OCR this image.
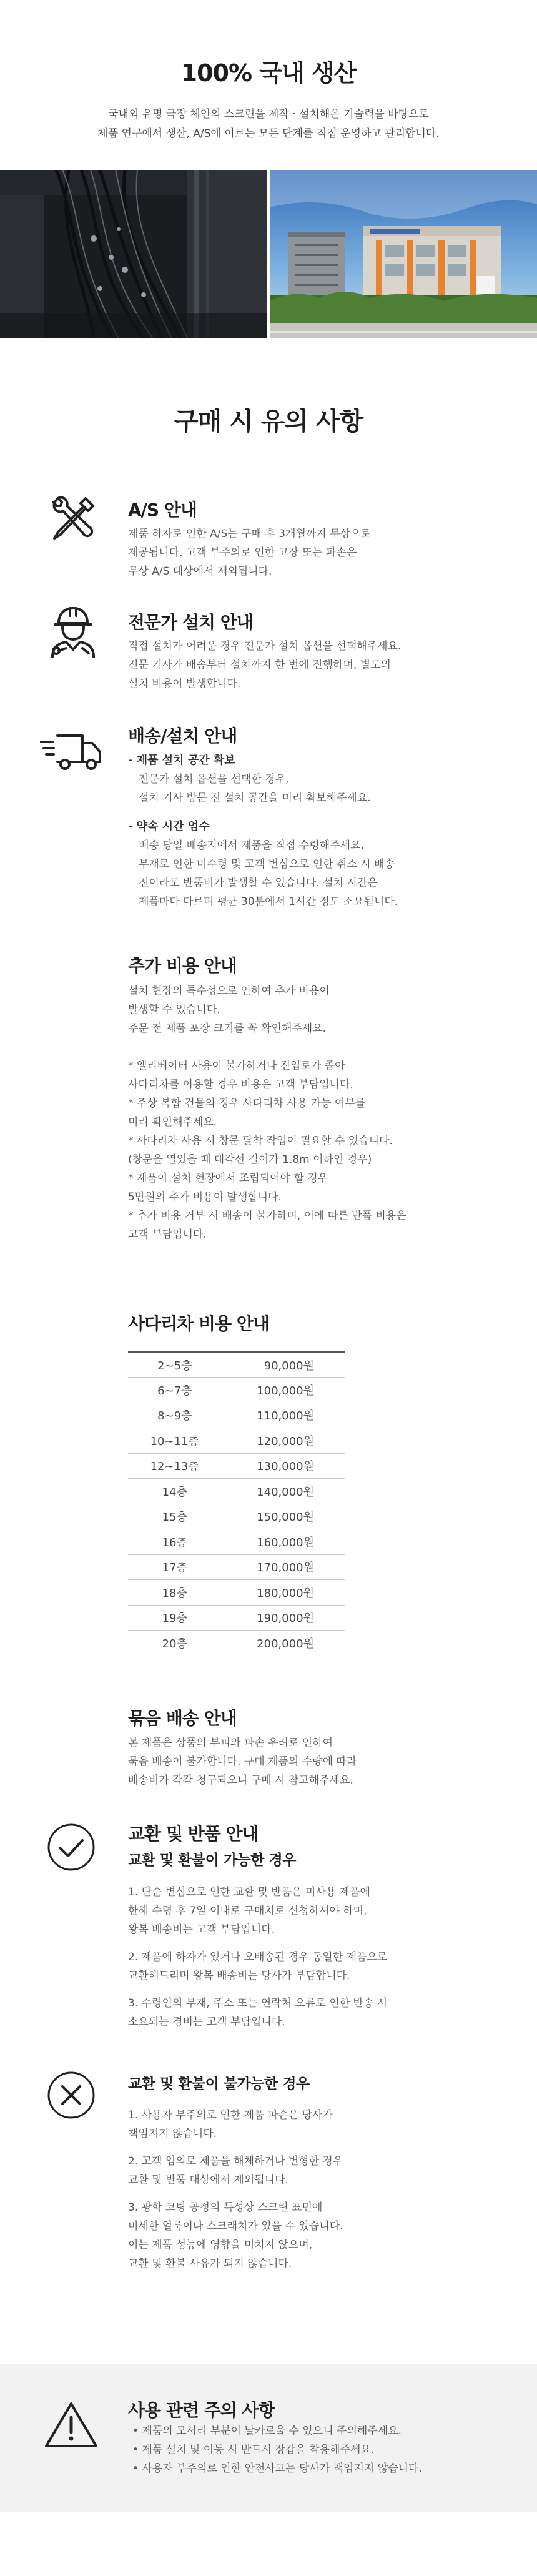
100% 국내 생산
국내외 유명 극장 체인의 스크린을 제작 · 설치해온 기술력을 바탕으로
제품 연구에서 생산, A/S에 이르는 모든 단계를 직접 운영하고 관리합니다.
구매 시 유의 사항
A/S 안내
제품 하자로 인한 A/S는 구매 후 3개월까지 무상으로
제공됩니다. 고객 부주의로 인한 고장 또는 파손은
무상 A/S 대상에서 제외됩니다.
전문가 설치 안내
직접 설치가 어려운 경우 전문가 설치 옵션을 선택해주세요.
전문 기사가 배송부터 설치까지 한 번에 진행하며, 별도의
설치 비용이 발생합니다.
배송/설치 안내
- 제품 설치 공간 확보
전문가 설치 옵션을 선택한 경우,
설치 기사 방문 전 설치 공간을 미리 확보해주세요.
- 약속 시간 엄수
배송 당일 배송지에서 제품을 직접 수령해주세요.
부재로 인한 미수령 및 고객 변심으로 인한 취소 시 배송
전이라도 반품비가 발생할 수 있습니다. 설치 시간은
제품마다 다르며 평균 30분에서 1시간 정도 소요됩니다.
추가 비용 안내
설치 현장의 특수성으로 인하여 추가 비용이
발생할 수 있습니다.
주문 전 제품 포장 크기를 꼭 확인해주세요.
* 엘리베이터 사용이 불가하거나 진입로가 좁아
사다리차를 이용할 경우 비용은 고객 부담입니다.
* 주상 복합 건물의 경우 사다리차 사용 가능 여부를
미리 확인해주세요.
* 사다리차 사용 시 창문 탈착 작업이 필요할 수 있습니다.
(창문을 열었을 때 대각선 길이가 1.8m 이하인 경우)
* 제품이 설치 현장에서 조립되어야 할 경우
5만원의 추가 비용이 발생합니다.
* 추가 비용 거부 시 배송이 불가하며, 이에 따른 반품 비용은
고객 부담입니다.
사다리차 비용 안내
2~5층	90,000원
6~7층	100,000원
8~9층	110,000원
10~11층	120,000원
12~13층	130,000원
14층	140,000원
15층	150,000원
16층	160,000원
17층	170,000원
18층	180,000원
19층	190,000원
20층	200,000원
묶음 배송 안내
본 제품은 상품의 부피와 파손 우려로 인하여
묶음 배송이 불가합니다. 구매 제품의 수량에 따라
배송비가 각각 청구되오니 구매 시 참고해주세요.
교환 및 반품 안내
교환 및 환불이 가능한 경우
1. 단순 변심으로 인한 교환 및 반품은 미사용 제품에
한해 수령 후 7일 이내로 구매처로 신청하셔야 하며,
왕복 배송비는 고객 부담입니다.
2. 제품에 하자가 있거나 오배송된 경우 동일한 제품으로
교환해드리며 왕복 배송비는 당사가 부담합니다.
3. 수령인의 부재, 주소 또는 연락처 오류로 인한 반송 시
소요되는 경비는 고객 부담입니다.
교환 및 환불이 불가능한 경우
1. 사용자 부주의로 인한 제품 파손은 당사가
책임지지 않습니다.
2. 고객 임의로 제품을 해체하거나 변형한 경우
교환 및 반품 대상에서 제외됩니다.
3. 광학 코팅 공정의 특성상 스크린 표면에
미세한 얼룩이나 스크래치가 있을 수 있습니다.
이는 제품 성능에 영향을 미치지 않으며,
교환 및 환불 사유가 되지 않습니다.
사용 관련 주의 사항
• 제품의 모서리 부분이 날카로울 수 있으니 주의해주세요.
• 제품 설치 및 이동 시 반드시 장갑을 착용해주세요.
• 사용자 부주의로 인한 안전사고는 당사가 책임지지 않습니다.
